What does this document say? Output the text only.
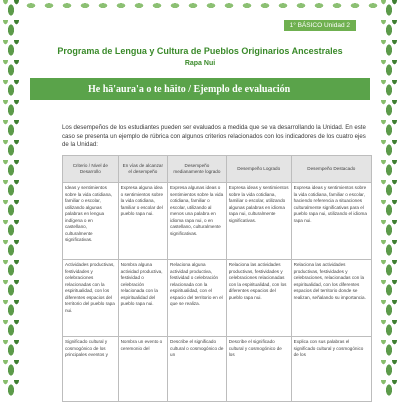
1° BÁSICO Unidad 2
Programa de Lengua y Cultura de Pueblos Originarios Ancestrales
Rapa Nui
He hā'aura'a o te hāito / Ejemplo de evaluación

Los desempeños de los estudiantes pueden ser evaluados a medida que se va desarrollando la Unidad. En este caso se presenta un ejemplo de rúbrica con algunos criterios relacionados con los indicadores de los cuatro ejes de la Unidad:

Criterio / Nivel de Desarrollo	En vías de alcanzar el desempeño	Desempeño medianamente logrado	Desempeño Logrado	Desempeño Destacado
Ideas y sentimientos sobre la vida cotidiana, familiar o escolar, utilizando algunas palabras en lengua indígena o en castellano, culturalmente significativas.	Expresa alguna idea o sentimientos sobre la vida cotidiana, familiar o escolar del pueblo rapa nui.	Expresa algunas ideas o sentimientos sobre la vida cotidiana, familiar o escolar, utilizando al menos una palabra en idioma rapa nui, o en castellano, culturalmente significativas.	Expresa ideas y sentimientos sobre la vida cotidiana, familiar o escolar, utilizando algunas palabras en idioma rapa nui, culturalmente significativas.	Expresa ideas y sentimientos sobre la vida cotidiana, familiar o escolar, haciendo referencia a situaciones culturalmente significativas para el pueblo rapa nui, utilizando el idioma rapa nui.
Actividades productivas, festividades y celebraciones relacionadas con la espiritualidad, con los diferentes espacios del territorio del pueblo rapa nui.	Nombra alguna actividad productiva, festividad o celebración relacionada con la espiritualidad del pueblo rapa nui.	Relaciona alguna actividad productiva, festividad o celebración relacionada con la espiritualidad, con el espacio del territorio en el que se realiza.	Relaciona las actividades productivas, festividades y celebraciones relacionadas con la espiritualidad, con los diferentes espacios del pueblo rapa nui.	Relaciona las actividades productivas, festividades y celebraciones, relacionadas con la espiritualidad, con los diferentes espacios del territorio donde se realizan, señalando su importancia.
Significado cultural y cosmogónico de los principales eventos y	Nombra un evento o ceremonio del	Describe el significado cultural o cosmogónico de un	Describe el significado cultural y cosmogónico de los	Explica con sus palabras el significado cultural y cosmogónico de los
